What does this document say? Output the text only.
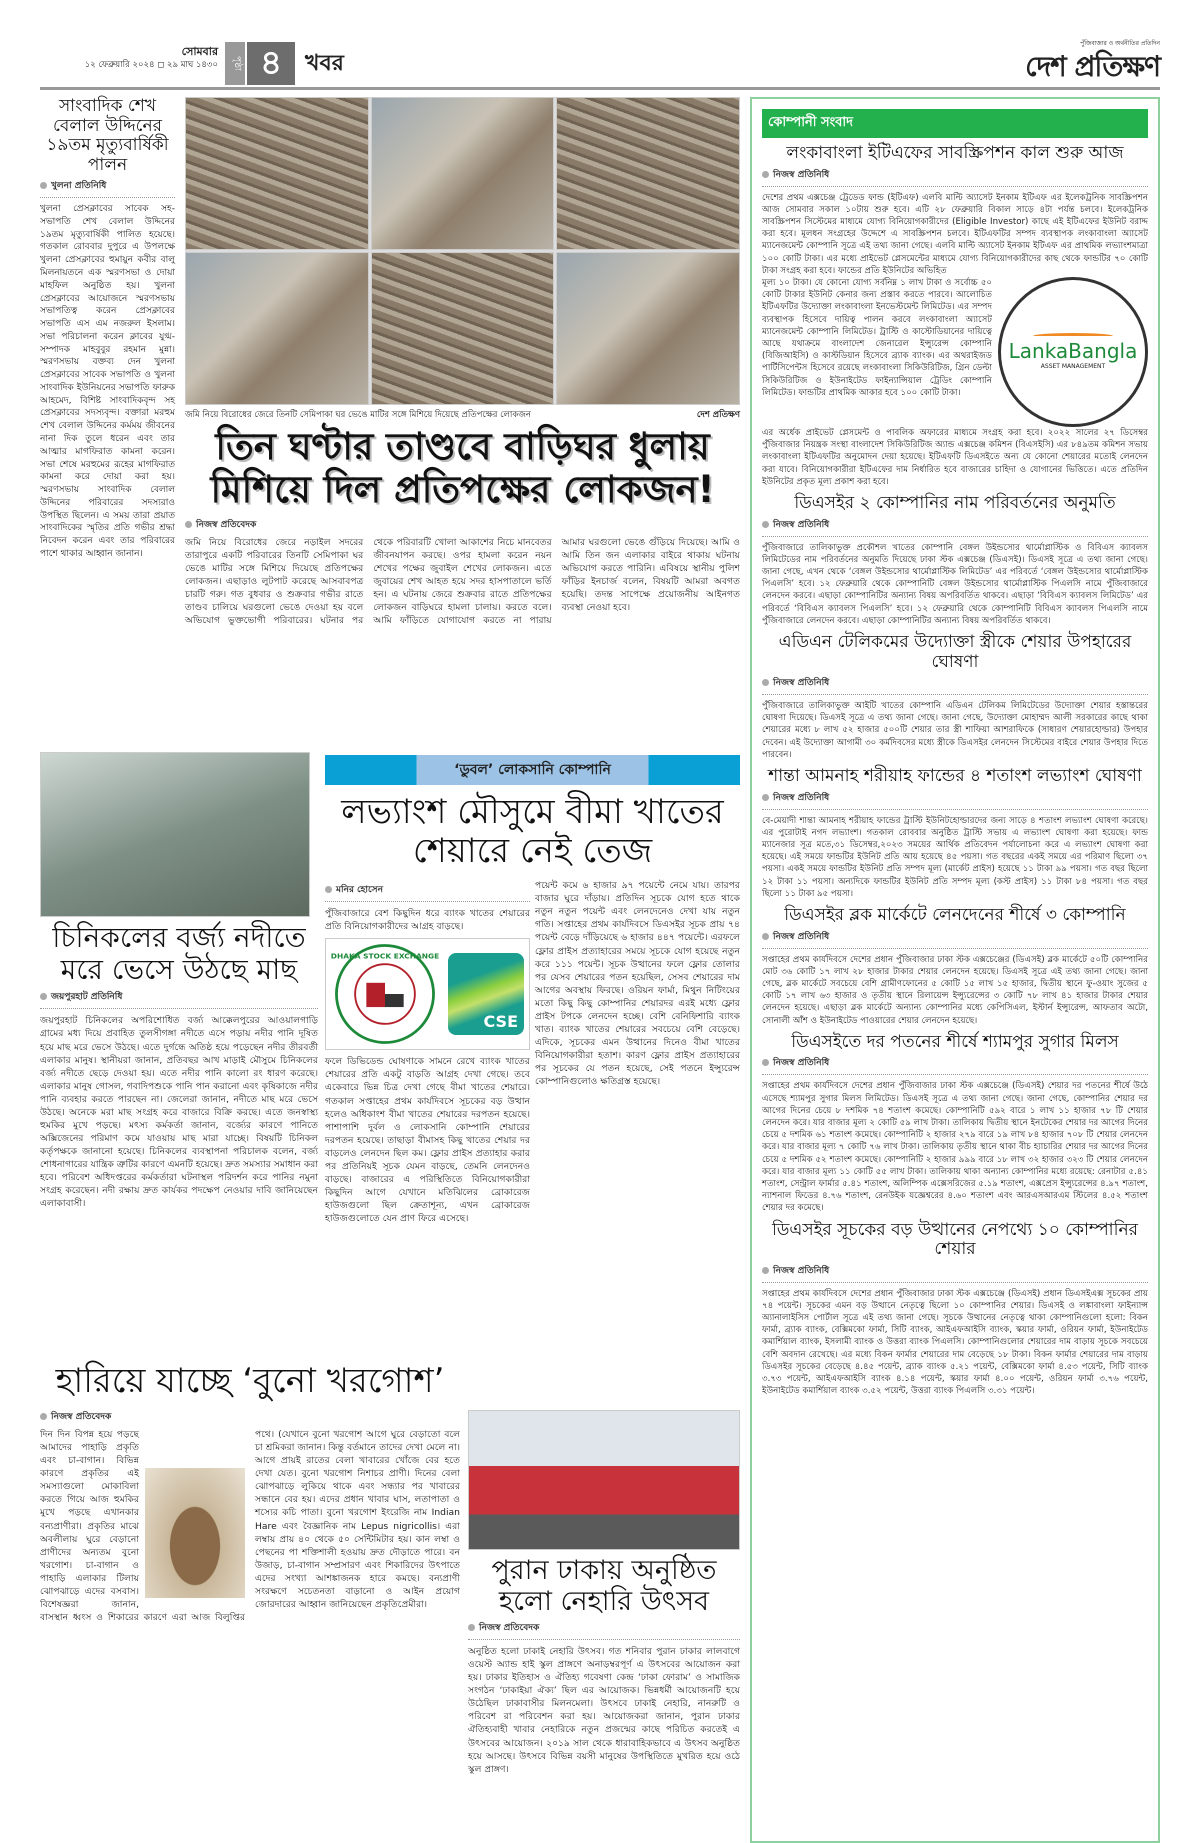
সোমবার
১২ ফেব্রুয়ারি ২০২৪ ◻ ২৯ মাঘ ১৪৩০	পৃষ্ঠা ৪	খবর
পুঁজিবাজার ও অর্থনীতির প্রতিদিন
দেশ প্রতিক্ষণ
সাংবাদিক শেখ বেলাল উদ্দিনের ১৯তম মৃত্যুবার্ষিকী পালন
খুলনা প্রতিনিধি
খুলনা প্রেসক্লাবের সাবেক সহ-সভাপতি শেখ বেলাল উদ্দিনের ১৯তম মৃত্যুবার্ষিকী পালিত হয়েছে। গতকাল রোববার দুপুরে এ উপলক্ষে খুলনা প্রেসক্লাবের হুমায়ুন কবীর বালু মিলনায়তনে এক স্মরণসভা ও দোয়া মাহফিল অনুষ্ঠিত হয়। খুলনা প্রেসক্লাবের আয়োজনে স্মরণসভায় সভাপতিত্ব করেন প্রেসক্লাবের সভাপতি এস এম নজরুল ইসলাম। সভা পরিচালনা করেন ক্লাবের যুগ্ম-সম্পাদক মাহবুবুর রহমান মুন্না। স্মরণসভায় বক্তব্য দেন খুলনা প্রেসক্লাবের সাবেক সভাপতি ও খুলনা সাংবাদিক ইউনিয়নের সভাপতি ফারুক আহমেদ, বিশিষ্ট সাংবাদিকবৃন্দ সহ প্রেসক্লাবের সদস্যবৃন্দ। বক্তারা মরহুম শেখ বেলাল উদ্দিনের কর্মময় জীবনের নানা দিক তুলে ধরেন এবং তার আত্মার মাগফিরাত কামনা করেন। সভা শেষে মরহুমের রূহের মাগফিরাত কামনা করে দোয়া করা হয়। স্মরণসভায় সাংবাদিক বেলাল উদ্দিনের পরিবারের সদস্যরাও উপস্থিত ছিলেন। এ সময় তারা প্রয়াত সাংবাদিকের স্মৃতির প্রতি গভীর শ্রদ্ধা নিবেদন করেন এবং তার পরিবারের পাশে থাকার আহ্বান জানান।
জমি নিয়ে বিরোধের জেরে তিনটি সেমিপাকা ঘর ভেঙে মাটির সঙ্গে মিশিয়ে দিয়েছে প্রতিপক্ষের লোকজন	দেশ প্রতিক্ষণ
তিন ঘণ্টার তাণ্ডবে বাড়িঘর ধুলায় মিশিয়ে দিল প্রতিপক্ষের লোকজন!
নিজস্ব প্রতিবেদক
জমি নিয়ে বিরোধের জেরে নড়াইল সদরের তারাপুরে একটি পরিবারের তিনটি সেমিপাকা ঘর ভেঙে মাটির সঙ্গে মিশিয়ে দিয়েছে প্রতিপক্ষের লোকজন। এছাড়াও লুটপাট করেছে আসবাবপত্র চারটি গরু। গত বুধবার ও শুক্রবার গভীর রাতে তাণ্ডব চালিয়ে ঘরগুলো ভেঙে দেওয়া হয় বলে অভিযোগ ভুক্তভোগী পরিবারের। ঘটনার পর থেকে পরিবারটি খোলা আকাশের নিচে মানবেতর জীবনযাপন করছে। ওপর হামলা করেন নয়ন শেখের পক্ষের জুবাইল শেখের লোকজন। এতে জুবায়ের শেখ আহত হয়ে সদর হাসপাতালে ভর্তি হন। এ ঘটনায় জেরে শুক্রবার রাতে প্রতিপক্ষের লোকজন বাড়িঘরে হামলা চালায়। করতে বলে। আমি ফাঁড়িতে যোগাযোগ করতে না পারায় আমার ঘরগুলো ভেঙে গুঁড়িয়ে দিয়েছে। আমি ও আমি তিন জন এলাকার বাইরে থাকায় ঘটনায় অভিযোগ করতে পারিনি। এবিষয়ে স্থানীয় পুলিশ ফাঁড়ির ইনচার্জ বলেন, বিষয়টি আমরা অবগত হয়েছি। তদন্ত সাপেক্ষে প্রয়োজনীয় আইনগত ব্যবস্থা নেওয়া হবে।
চিনিকলের বর্জ্য নদীতে মরে ভেসে উঠছে মাছ
জয়পুরহাট প্রতিনিধি
জয়পুরহাট চিনিকলের অপরিশোধিত বর্জ্য আক্কেলপুরের আওয়ালগাড়ি গ্রামের মধ্য দিয়ে প্রবাহিত তুলসীগঙ্গা নদীতে এসে পড়ায় নদীর পানি দূষিত হয়ে মাছ মরে ভেসে উঠছে। এতে দুর্গন্ধে অতিষ্ঠ হয়ে পড়েছেন নদীর তীরবর্তী এলাকার মানুষ। স্থানীয়রা জানান, প্রতিবছর আখ মাড়াই মৌসুমে চিনিকলের বর্জ্য নদীতে ছেড়ে দেওয়া হয়। এতে নদীর পানি কালো রং ধারণ করেছে। এলাকার মানুষ গোসল, গবাদিপশুকে পানি পান করানো এবং কৃষিকাজে নদীর পানি ব্যবহার করতে পারছেন না। জেলেরা জানান, নদীতে মাছ মরে ভেসে উঠছে। অনেকে মরা মাছ সংগ্রহ করে বাজারে বিক্রি করছে। এতে জনস্বাস্থ্য হুমকির মুখে পড়ছে। মৎস্য কর্মকর্তা জানান, বর্জ্যের কারণে পানিতে অক্সিজেনের পরিমাণ কমে যাওয়ায় মাছ মারা যাচ্ছে। বিষয়টি চিনিকল কর্তৃপক্ষকে জানানো হয়েছে। চিনিকলের ব্যবস্থাপনা পরিচালক বলেন, বর্জ্য শোধনাগারের যান্ত্রিক ত্রুটির কারণে এমনটি হয়েছে। দ্রুত সমস্যার সমাধান করা হবে। পরিবেশ অধিদপ্তরের কর্মকর্তারা ঘটনাস্থল পরিদর্শন করে পানির নমুনা সংগ্রহ করেছেন। নদী রক্ষায় দ্রুত কার্যকর পদক্ষেপ নেওয়ার দাবি জানিয়েছেন এলাকাবাসী।
‘ডুবল’ লোকসানি কোম্পানি
লভ্যাংশ মৌসুমে বীমা খাতের শেয়ারে নেই তেজ
মনির হোসেন
পুঁজিবাজারে বেশ কিছুদিন ধরে ব্যাংক খাতের শেয়ারের প্রতি বিনিয়োগকারীদের আগ্রহ বাড়ছে।
DHAKA STOCK EXCHANGE
CSE
ফলে ডিভিডেন্ড ঘোষণাকে সামনে রেখে ব্যাংক খাতের শেয়ারের প্রতি একটু বাড়তি আগ্রহ দেখা গেছে। তবে একেবারে ভিন্ন চিত্র দেখা গেছে বীমা খাতের শেয়ারে। গতকাল সপ্তাহের প্রথম কার্যদিবসে সূচকের বড় উত্থান হলেও অধিকাংশ বীমা খাতের শেয়ারের দরপতন হয়েছে। পাশাপাশি দুর্বল ও লোকসানি কোম্পানি শেয়ারের দরপতন হয়েছে। তাছাড়া বীমাসহ কিছু খাতের শেয়ার দর বাড়লেও লেনদেন ছিল কম। ফ্লোর প্রাইস প্রত্যাহার করার পর প্রতিনিয়ই সূচক যেমন বাড়ছে, তেমনি লেনদেনও বাড়ছে। বাজারের এ পরিস্থিতিতে বিনিয়োগকারীরা কিছুদিন আগে যেখানে মতিঝিলের ব্রোকারেজ হাউজগুলো ছিল ক্রেতাশূন্য, এখন ব্রোকারেজ হাউজগুলোতে যেন প্রাণ ফিরে এসেছে।
পয়েন্ট কমে ৬ হাজার ৯৭ পয়েন্টে নেমে যায়। তারপর বাজার ঘুরে দাঁড়ায়। প্রতিদিন সূচকে যোগ হতে থাকে নতুন নতুন পয়েন্ট এবং লেনদেনেও দেখা যায় নতুন গতি। সপ্তাহের প্রথম কার্যদিবসে ডিএসইর সূচক প্রায় ৭৪ পয়েন্ট বেড়ে দাঁড়িয়েছে ৬ হাজার ৪৪৭ পয়েন্টে। এরফলে ফ্লোর প্রাইস প্রত্যাহারের সময়ে সূচকে যোগ হয়েছে নতুন করে ১১১ পয়েন্ট। সূচক উত্থানের ফলে ফ্লোর তোলার পর যেসব শেয়ারের পতন হয়েছিল, সেসব শেয়ারের দাম আগের অবস্থায় ফিরছে। ওরিয়ন ফার্মা, মিথুন নিটিংয়ের মতো কিছু কিছু কোম্পানির শেয়ারদর এরই মধ্যে ফ্লোর প্রাইস টপকে লেনদেন হচ্ছে। বেশি বেনিফিশারি ব্যাংক খাত। ব্যাংক খাতের শেয়ারের সবচেয়ে বেশি বেড়েছে। এদিকে, সূচকের এমন উত্থানের দিনেও বীমা খাতের বিনিয়োগকারীরা হতাশ। কারণ ফ্লোর প্রাইস প্রত্যাহারের পর সূচকের যে পতন হয়েছে, সেই পতনে ইন্স্যুরেন্স কোম্পানিগুলোও ক্ষতিগ্রস্ত হয়েছে।
হারিয়ে যাচ্ছে ‘বুনো খরগোশ’
নিজস্ব প্রতিবেদক
দিন দিন বিপন্ন হয়ে পড়ছে আমাদের পাহাড়ি প্রকৃতি এবং চা-বাগান। বিভিন্ন কারণে প্রকৃতির এই সমস্যাগুলো মোকাবিলা করতে গিয়ে আজ হুমকির মুখে পড়ছে এখানকার বন্যপ্রাণীরা। প্রকৃতির মাঝে অবলীলায় ঘুরে বেড়ানো প্রাণীদের অন্যতম বুনো খরগোশ। চা-বাগান ও পাহাড়ি এলাকার টিলায় ঝোপঝাড়ে এদের বসবাস। বিশেষজ্ঞরা জানান, বাসস্থান ধ্বংস ও শিকারের কারণে এরা আজ বিলুপ্তির পথে। (যেখানে বুনো খরগোশ আগে ঘুরে বেড়াতো বলে চা শ্রমিকরা জানান। কিন্তু বর্তমানে তাদের দেখা মেলে না। আগে প্রায়ই রাতের বেলা খাবারের খোঁজে বের হতে দেখা যেত। বুনো খরগোশ নিশাচর প্রাণী। দিনের বেলা ঝোপঝাড়ে লুকিয়ে থাকে এবং সন্ধ্যার পর খাবারের সন্ধানে বের হয়। এদের প্রধান খাবার ঘাস, লতাপাতা ও শস্যের কচি পাতা। বুনো খরগোশ ইংরেজি নাম Indian Hare এবং বৈজ্ঞানিক নাম Lepus nigricollis। এরা লম্বায় প্রায় ৪০ থেকে ৫০ সেন্টিমিটার হয়। কান লম্বা ও পেছনের পা শক্তিশালী হওয়ায় দ্রুত দৌড়াতে পারে। বন উজাড়, চা-বাগান সম্প্রসারণ এবং শিকারিদের উৎপাতে এদের সংখ্যা আশঙ্কাজনক হারে কমছে। বন্যপ্রাণী সংরক্ষণে সচেতনতা বাড়ানো ও আইন প্রয়োগ জোরদারের আহ্বান জানিয়েছেন প্রকৃতিপ্রেমীরা।
পুরান ঢাকায় অনুষ্ঠিত হলো নেহারি উৎসব
নিজস্ব প্রতিবেদক
অনুষ্ঠিত হলো ঢাকাই নেহারি উৎসব। গত শনিবার পুরান ঢাকার লালবাগে ওয়েস্ট অ্যান্ড হাই স্কুল প্রাঙ্গণে অনাড়ম্বরপূর্ণ এ উৎসবের আয়োজন করা হয়। ঢাকার ইতিহাস ও ঐতিহ্য গবেষণা কেন্দ্র ‘ঢাকা ফোরাম’ ও সামাজিক সংগঠন ‘ঢাকাইয়া ঐক্য’ ছিল এর আয়োজক। ভিন্নধর্মী আয়োজনটি হয়ে উঠেছিল ঢাকাবাসীর মিলনমেলা। উৎসবে ঢাকাই নেহারি, নানরুটি ও পরিবেশ রা পরিবেশন করা হয়। আয়োজকরা জানান, পুরান ঢাকার ঐতিহ্যবাহী খাবার নেহারিকে নতুন প্রজন্মের কাছে পরিচিত করতেই এ উৎসবের আয়োজন। ২০১৯ সাল থেকে ধারাবাহিকভাবে এ উৎসব অনুষ্ঠিত হয়ে আসছে। উৎসবে বিভিন্ন বয়সী মানুষের উপস্থিতিতে মুখরিত হয়ে ওঠে স্কুল প্রাঙ্গণ।
কোম্পানী সংবাদ
লংকাবাংলা ইটিএফের সাবস্ক্রিপশন কাল শুরু আজ
নিজস্ব প্রতিনিধি
দেশের প্রথম এক্সচেঞ্জ ট্রেডেড ফান্ড (ইটিএফ) এলবি মাল্টি অ্যাসেট ইনকাম ইটিএফ এর ইলেকট্রনিক সাবস্ক্রিপশন আজ সোমবার সকাল ১০টায় শুরু হবে। এটি ২৮ ফেব্রুয়ারি বিকাল সাড়ে ৪টা পর্যন্ত চলবে। ইলেকট্রনিক সাবস্ক্রিপশন সিস্টেমের মাধ্যমে যোগ্য বিনিয়োগকারীদের (Eligible Investor) কাছে এই ইটিএফের ইউনিট বরাদ্দ করা হবে। মূলধন সংগ্রহের উদ্দেশে এ সাবস্ক্রিপশন চলবে। ইটিএফটির সম্পদ ব্যবস্থাপক লংকাবাংলা অ্যাসেট ম্যানেজমেন্ট কোম্পানি সূত্রে এই তথ্য জানা গেছে। এলবি মাল্টি অ্যাসেট ইনকাম ইটিএফ এর প্রাথমিক লভ্যাংশমাত্রা ১০০ কোটি টাকা। এর মধ্যে প্রাইভেট প্লেসমেন্টের মাধ্যমে যোগ্য বিনিয়োগকারীদের কাছ থেকে ফান্ডটির ৭০ কোটি টাকা সংগ্রহ করা হবে। ফান্ডের প্রতি ইউনিটের অভিহিত
মূল্য ১০ টাকা। যে কোনো যোগ্য সর্বনিম্ন ১ লাখ টাকা ও সর্বোচ্চ ৫০ কোটি টাকার ইউনিট কেনার জন্য প্রস্তাব করতে পারবে। আলোচিত ইটিএফটির উদ্যোক্তা লংকাবাংলা ইনভেস্টমেন্ট লিমিটেড। এর সম্পদ ব্যবস্থাপক হিসেবে দায়িত্ব পালন করবে লংকাবাংলা অ্যাসেট ম্যানেজমেন্ট কোম্পানি লিমিটেড। ট্রাস্টি ও কাস্টোডিয়ানের দায়িত্বে আছে যথাক্রমে বাংলাদেশ জেনারেল ইন্স্যুরেন্স কোম্পানি (বিজিআইসি) ও কাস্টডিয়ান হিসেবে ব্র্যাক ব্যাংক। এর অথরাইজড পার্টিসিপেন্টস হিসেবে রয়েছে লংকাবাংলা সিকিউরিটিজ, গ্রিন ডেল্টা সিকিউরিটিজ ও ইউনাইটেড ফাইন্যান্সিয়াল ট্রেডিং কোম্পানি লিমিটেড। ফান্ডটির প্রাথমিক আকার হবে ১০০ কোটি টাকা।
LankaBangla
ASSET MANAGEMENT
এর অর্ধেক প্রাইভেট প্লেসমেন্ট ও পাবলিক অফারের মাধ্যমে সংগ্রহ করা হবে। ২০২২ সালের ২৭ ডিসেম্বর পুঁজিবাজার নিয়ন্ত্রক সংস্থা বাংলাদেশ সিকিউরিটিজ অ্যান্ড এক্সচেঞ্জ কমিশন (বিএসইসি) এর ৮৪৯তম কমিশন সভায় লংকাবাংলা ইটিএফটির অনুমোদন দেয়া হয়েছে। ইটিএফটি ডিএসইতে অন্য যে কোনো শেয়ারের মতোই লেনদেন করা যাবে। বিনিয়োগকারীরা ইটিএফের দাম নির্ধারিত হবে বাজারের চাহিদা ও যোগানের ভিত্তিতে। এতে প্রতিদিন ইউনিটের প্রকৃত মূল্য প্রকাশ করা হবে।
ডিএসইর ২ কোম্পানির নাম পরিবর্তনের অনুমতি
নিজস্ব প্রতিনিধি
পুঁজিবাজারে তালিকাভুক্ত প্রকৌশল খাতের কোম্পানি বেঙ্গল উইন্ডসোর থার্মোপ্লাস্টিক ও বিবিএস ক্যাবলস লিমিটেডের নাম পরিবর্তনের অনুমতি দিয়েছে ঢাকা স্টক এক্সচেঞ্জ (ডিএসই)। ডিএসই সূত্রে এ তথ্য জানা গেছে। জানা গেছে, এখন থেকে ‘বেঙ্গল উইন্ডসোর থার্মোপ্লাস্টিক লিমিটেড’ এর পরিবর্তে ‘বেঙ্গল উইন্ডসোর থার্মোপ্লাস্টিক পিএলসি’ হবে। ১২ ফেব্রুয়ারি থেকে কোম্পানিটি বেঙ্গল উইন্ডসোর থার্মোপ্লাস্টিক পিএলসি নামে পুঁজিবাজারে লেনদেন করবে। এছাড়া কোম্পানিটির অন্যান্য বিষয় অপরিবর্তিত থাকবে। এছাড়া ‘বিবিএস ক্যাবলস লিমিটেড’ এর পরিবর্তে ‘বিবিএস ক্যাবলস পিএলসি’ হবে। ১২ ফেব্রুয়ারি থেকে কোম্পানিটি বিবিএস ক্যাবলস পিএলসি নামে পুঁজিবাজারে লেনদেন করবে। এছাড়া কোম্পানিটির অন্যান্য বিষয় অপরিবর্তিত থাকবে।
এডিএন টেলিকমের উদ্যোক্তা স্ত্রীকে শেয়ার উপহারের ঘোষণা
নিজস্ব প্রতিনিধি
পুঁজিবাজারে তালিকাভুক্ত আইটি খাতের কোম্পানি এডিএন টেলিকম লিমিটেডের উদ্যোক্তা শেয়ার হস্তান্তরের ঘোষণা দিয়েছে। ডিএসই সূত্রে এ তথ্য জানা গেছে। জানা গেছে, উদ্যোক্তা মোহাম্মদ আলী সরকারের কাছে থাকা শেয়ারের মধ্যে ৮ লাখ ৫২ হাজার ৫০০টি শেয়ার তার স্ত্রী শাফিয়া আশরাফিকে (সাধারণ শেয়ারহোল্ডার) উপহার দেবেন। এই উদ্যোক্তা আগামী ৩০ কর্মদিবসের মধ্যে স্ত্রীকে ডিএসইর লেনদেন সিস্টেমের বাইরে শেয়ার উপহার দিতে পারবেন।
শান্তা আমনাহ শরীয়াহ ফান্ডের ৪ শতাংশ লভ্যাংশ ঘোষণা
নিজস্ব প্রতিনিধি
বে-মেয়াদী শান্তা আমনাহ শরীয়াহ ফান্ডের ট্রাস্টি ইউনিটহোল্ডারদের জন্য সাড়ে ৪ শতাংশ লভ্যাংশ ঘোষণা করেছে। এর পুরোটাই নগদ লভ্যাংশ। গতকাল রোববার অনুষ্ঠিত ট্রাস্টি সভায় এ লভ্যাংশ ঘোষণা করা হয়েছে। ফান্ড ম্যানেজার সূত্র মতে,৩১ ডিসেম্বর,২০২৩ সময়ের আর্থিক প্রতিবেদন পর্যালোচনা করে এ লভ্যাংশ ঘোষণা করা হয়েছে। এই সময়ে ফান্ডটির ইউনিট প্রতি আয় হয়েছে ৪৫ পয়সা। গত বছরের একই সময়ে এর পরিমাণ ছিলো ৩৭ পয়সা। একই সময়ে ফান্ডটির ইউনিট প্রতি সম্পদ মূল্য (মার্কেট প্রাইস) হয়েছে ১১ টাকা ৯৯ পয়সা। গত বছর ছিলো ১২ টাকা ১১ পয়সা। অন্যদিকে ফান্ডটির ইউনিট প্রতি সম্পদ মূল্য (কস্ট প্রাইস) ১১ টাকা ৮৪ পয়সা। গত বছর ছিলো ১১ টাকা ৯৫ পয়সা।
ডিএসইর ব্লক মার্কেটে লেনদেনের শীর্ষে ৩ কোম্পানি
নিজস্ব প্রতিনিধি
সপ্তাহের প্রথম কার্যদিবসে দেশের প্রধান পুঁজিবাজার ঢাকা স্টক এক্সচেঞ্জের (ডিএসই) ব্লক মার্কেটে ৫০টি কোম্পানির মোট ৩৬ কোটি ১৭ লাখ ২৮ হাজার টাকার শেয়ার লেনদেন হয়েছে। ডিএসই সূত্রে এই তথ্য জানা গেছে। জানা গেছে, ব্লক মার্কেটে সবচেয়ে বেশি গ্রামীণফোনের ৫ কোটি ১৫ লাখ ১৫ হাজার, দ্বিতীয় স্থানে ফু-ওয়াং সুজের ৫ কোটি ১৭ লাখ ৬৩ হাজার ও তৃতীয় স্থানে রিলায়েন্স ইন্স্যুরেন্সের ৩ কোটি ৭৮ লাখ ৪১ হাজার টাকার শেয়ার লেনদেন হয়েছে। এছাড়া ব্লক মার্কেটে অন্যান্য কোম্পানির মধ্যে কেপিসিএল, ইস্টার্ন ইন্স্যুরেন্স, আফতাব অটো, সোনালী আঁশ ও ইউনাইটেড পাওয়ারের শেয়ার লেনদেন হয়েছে।
ডিএসইতে দর পতনের শীর্ষে শ্যামপুর সুগার মিলস
নিজস্ব প্রতিনিধি
সপ্তাহের প্রথম কার্যদিবসে দেশের প্রধান পুঁজিবাজার ঢাকা স্টক এক্সচেঞ্জে (ডিএসই) শেয়ার দর পতনের শীর্ষে উঠে এসেছে শ্যামপুর সুগার মিলস লিমিটেড। ডিএসই সূত্রে এ তথ্য জানা গেছে। জানা গেছে, কোম্পানির শেয়ার দর আগের দিনের চেয়ে ৮ দশমিক ৭৪ শতাংশ কমেছে। কোম্পানিটি ৫৯২ বারে ১ লাখ ১১ হাজার ৭৮ টি শেয়ার লেনদেন করে। যার বাজার মূল্য ২ কোটি ৫৯ লাখ টাকা। তালিকায় দ্বিতীয় স্থানে ইনটেকের শেয়ার দর আগের দিনের চেয়ে ৫ দশমিক ৬১ শতাংশ কমেছে। কোম্পানিটি ২ হাজার ২৭৯ বারে ১৯ লাখ ৮৪ হাজার ৭০৮ টি শেয়ার লেনদেন করে। যার বাজার মূল্য ৭ কোটি ৭৬ লাখ টাকা। তালিকায় তৃতীয় স্থানে থাকা বীচ হ্যাচারির শেয়ার দর আগের দিনের চেয়ে ৫ দশমিক ৫২ শতাংশ কমেছে। কোম্পানিটি ২ হাজার ৯৯৯ বারে ১৮ লাখ ৩২ হাজার ৩২৩ টি শেয়ার লেনদেন করে। যার বাজার মূল্য ১১ কোটি ৫৫ লাখ টাকা। তালিকায় থাকা অন্যান্য কোম্পানির মধ্যে রয়েছে: রেনাটার ৫.৪১ শতাংশ, সেন্ট্রাল ফার্মার ৫.৪১ শতাংশ, অলিম্পিক এক্সেসরিজের ৫.১৯ শতাংশ, এক্সপ্রেস ইন্স্যুরেন্সের ৪.৯৭ শতাংশ, ন্যাশনাল ফিডের ৪.৭৬ শতাংশ, রেনউইক যজ্ঞেশ্বরের ৪.৬০ শতাংশ এবং আরএসআরএম স্টিলের ৪.৫২ শতাংশ শেয়ার দর কমেছে।
ডিএসইর সূচকের বড় উত্থানের নেপথ্যে ১০ কোম্পানির শেয়ার
নিজস্ব প্রতিনিধি
সপ্তাহের প্রথম কার্যদিবসে দেশের প্রধান পুঁজিবাজার ঢাকা স্টক এক্সচেঞ্জে (ডিএসই) প্রধান ডিএসইএক্স সূচকের প্রায় ৭৪ পয়েন্ট। সূচকের এমন বড় উত্থানে নেতৃত্বে ছিলো ১০ কোম্পানির শেয়ার। ডিএসই ও লঙ্কাবাংলা ফাইন্যান্স অ্যানালাইসিস পোর্টাল সূত্রে এই তথ্য জানা গেছে। সূচকে উত্থানের নেতৃত্বে থাকা কোম্পানিগুলো হলো: বিকন ফার্মা, ব্র্যাক ব্যাংক, বেক্সিমকো ফার্মা, সিটি ব্যাংক, আইএফআইসি ব্যাংক, স্কয়ার ফার্মা, ওরিয়ন ফার্মা, ইউনাইটেড কমার্শিয়াল ব্যাংক, ইসলামী ব্যাংক ও উত্তরা ব্যাংক পিএলসি। কোম্পানিগুলোর শেয়ারের দাম বাড়ায় সূচকে সবচেয়ে বেশি অবদান রেখেছে। এর মধ্যে বিকন ফার্মার শেয়ারের দাম বেড়েছে ১৮ টাকা। বিকন ফার্মার শেয়ারের দাম বাড়ায় ডিএসইর সূচকের বেড়েছে ৪.৪৫ পয়েন্ট, ব্র্যাক ব্যাংক ৫.২১ পয়েন্ট, বেক্সিমকো ফার্মা ৪.৫৩ পয়েন্ট, সিটি ব্যাংক ৩.৭৩ পয়েন্ট, আইএফআইসি ব্যাংক ৪.১৪ পয়েন্ট, স্কয়ার ফার্মা ৪.০০ পয়েন্ট, ওরিয়ন ফার্মা ৩.৭৬ পয়েন্ট, ইউনাইটেড কমার্শিয়াল ব্যাংক ৩.৫২ পয়েন্ট, উত্তরা ব্যাংক পিএলসি ৩.৩১ পয়েন্ট।
